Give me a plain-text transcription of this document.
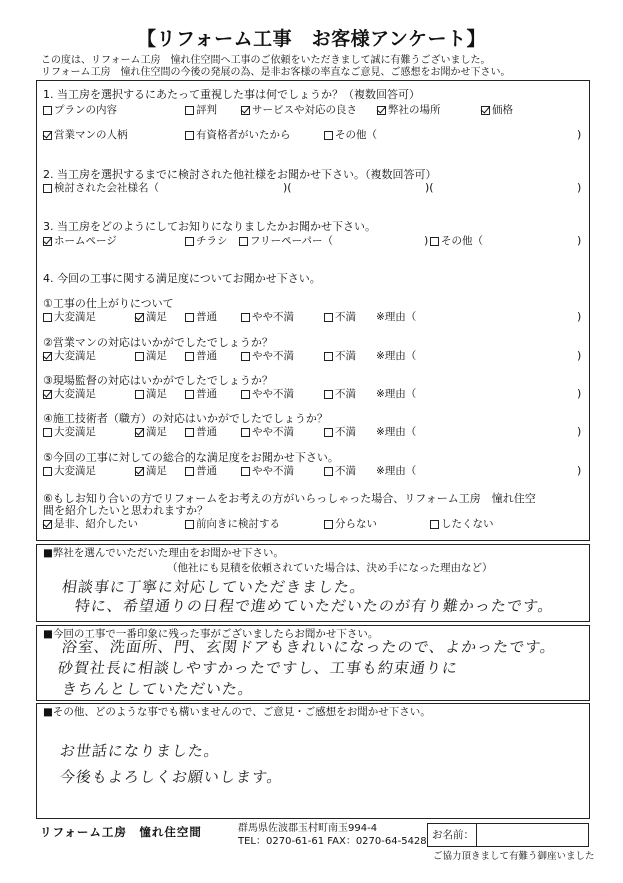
【リフォーム工事　お客様アンケート】
この度は、リフォーム工房　憧れ住空間へ工事のご依頼をいただきまして誠に有難うございました。
リフォーム工房　憧れ住空間の今後の発展の為、是非お客様の率直なご意見、ご感想をお聞かせ下さい。
1. 当工房を選択するにあたって重視した事は何でしょうか？（複数回答可）
プランの内容	評判	サービスや対応の良さ	弊社の場所	価格
営業マンの人柄	有資格者がいたから	その他（	)
2. 当工房を選択するまでに検討された他社様をお聞かせ下さい。（複数回答可）
検討された会社様名（	)(	)(	)
3. 当工房をどのようにしてお知りになりましたかお聞かせ下さい。
ホームページ	チラシ フリーペーパー（	) その他（	)
4. 今回の工事に関する満足度についてお聞かせ下さい。
①工事の仕上がりについて
大変満足	満足	普通	やや不満	不満 ※理由（	)
②営業マンの対応はいかがでしたでしょうか？
大変満足	満足	普通	やや不満	不満 ※理由（	)
③現場監督の対応はいかがでしたでしょうか？
大変満足	満足	普通	やや不満	不満 ※理由（	)
④施工技術者（職方）の対応はいかがでしたでしょうか？
大変満足	満足	普通	やや不満	不満 ※理由（	)
⑤今回の工事に対しての総合的な満足度をお聞かせ下さい。
大変満足	満足	普通	やや不満	不満 ※理由（	)
⑥もしお知り合いの方でリフォームをお考えの方がいらっしゃった場合、リフォーム工房　憧れ住空
間を紹介したいと思われますか？
是非、紹介したい	前向きに検討する	分らない	したくない
■弊社を選んでいただいた理由をお聞かせ下さい。
（他社にも見積を依頼されていた場合は、決め手になった理由など）
相談事に丁寧に対応していただきました。
特に、希望通りの日程で進めていただいたのが有り難かったです。
■今回の工事で一番印象に残った事がございましたらお聞かせ下さい。
浴室、洗面所、門、玄関ドアもきれいになったので、よかったです。
砂賀社長に相談しやすかったですし、工事も約束通りに
きちんとしていただいた。
■その他、どのような事でも構いませんので、ご意見・ご感想をお聞かせ下さい。
お世話になりました。
今後もよろしくお願いします。
リフォーム工房　憧れ住空間	群馬県佐波郡玉村町南玉994-4
TEL：0270-61-61 FAX：0270-64-5428
お名前：
ご協力頂きまして有難う御座いました
